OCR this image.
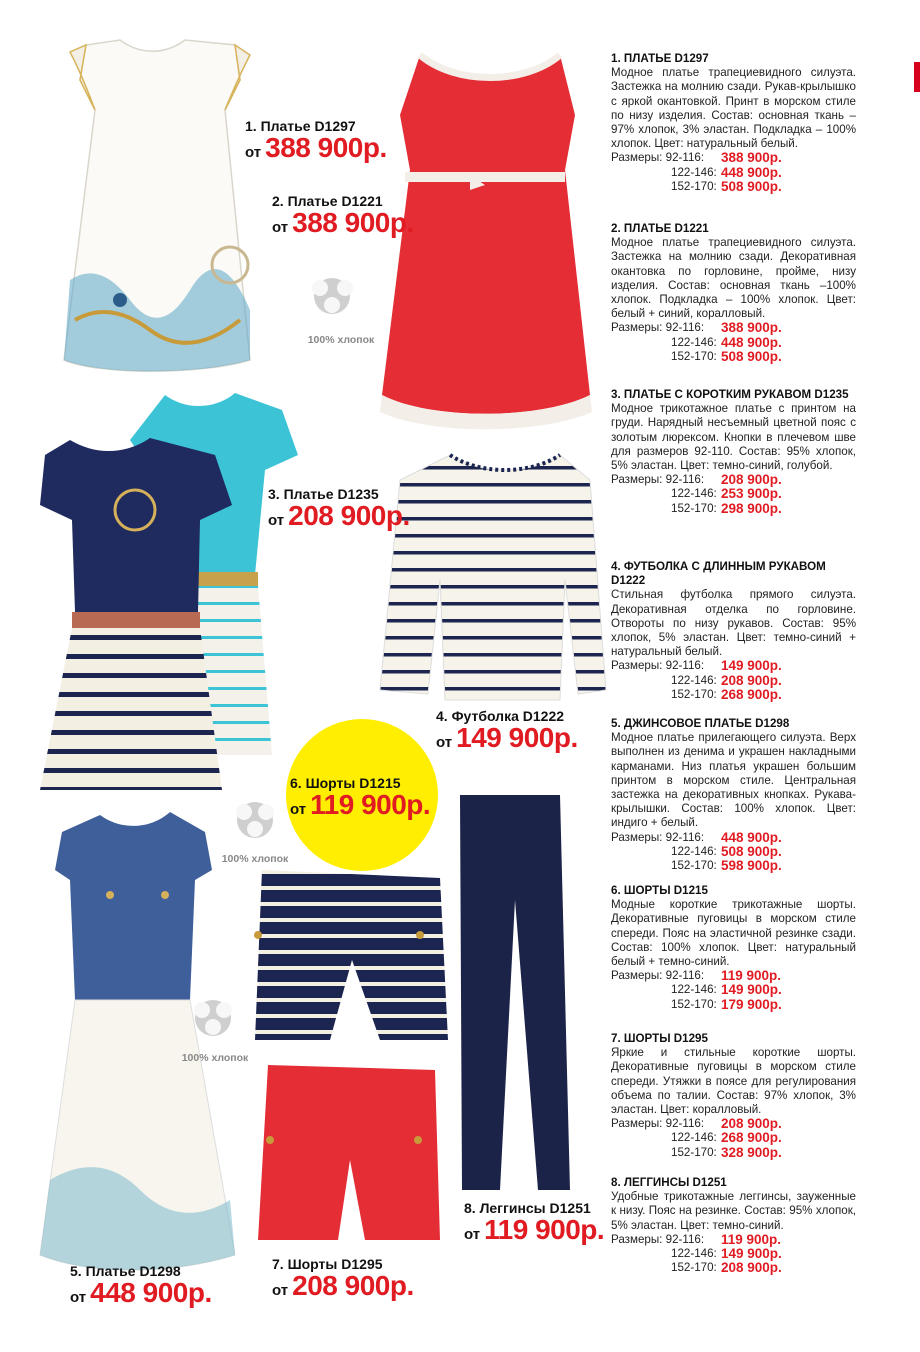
1. Платье D1297
от 388 900р.
2. Платье D1221
от 388 900р.
100% хлопок
3. Платье D1235
от 208 900р.
4. Футболка D1222
от 149 900р.
6. Шорты D1215
от 119 900р.
100% хлопок
100% хлопок
8. Леггинсы D1251
от 119 900р.
7. Шорты D1295
от 208 900р.
5. Платье D1298
от 448 900р.
1. ПЛАТЬЕ D1297

Модное платье трапециевидного силуэта. Застежка на молнию сзади. Рукав-крылышко с яркой окантовкой. Принт в морском стиле по низу изделия. Состав: основная ткань – 97% хлопок, 3% эластан. Подкладка – 100% хлопок. Цвет: натуральный белый.

Размеры: 92-116:	388 900р.
122-146: 448 900р.
152-170: 508 900р.
2. ПЛАТЬЕ D1221

Модное платье трапециевидного силуэта. Застежка на молнию сзади. Декоративная окантовка по горловине, пройме, низу изделия. Состав: основная ткань –100% хлопок. Подкладка – 100% хлопок. Цвет: белый + синий, коралловый.

Размеры: 92-116:	388 900р.
122-146: 448 900р.
152-170: 508 900р.
3. ПЛАТЬЕ С КОРОТКИМ РУКАВОМ D1235

Модное трикотажное платье с принтом на груди. Нарядный несъемный цветной пояс с золотым люрексом. Кнопки в плечевом шве для размеров 92-110. Состав: 95% хлопок, 5% эластан. Цвет: темно-синий, голубой.

Размеры: 92-116:	208 900р.
122-146: 253 900р.
152-170: 298 900р.
4. ФУТБОЛКА С ДЛИННЫМ РУКАВОМ D1222

Стильная футболка прямого силуэта. Декоративная отделка по горловине. Отвороты по низу рукавов. Состав: 95% хлопок, 5% эластан. Цвет: темно-синий + натуральный белый.

Размеры: 92-116:	149 900р.
122-146: 208 900р.
152-170: 268 900р.
5. ДЖИНСОВОЕ ПЛАТЬЕ D1298

Модное платье прилегающего силуэта. Верх выполнен из денима и украшен накладными карманами. Низ платья украшен большим принтом в морском стиле. Центральная застежка на декоративных кнопках. Рукава-крылышки. Состав: 100% хлопок. Цвет: индиго + белый.

Размеры: 92-116:	448 900р.
122-146: 508 900р.
152-170: 598 900р.
6. ШОРТЫ D1215

Модные короткие трикотажные шорты. Декоративные пуговицы в морском стиле спереди. Пояс на эластичной резинке сзади. Состав: 100% хлопок. Цвет: натуральный белый + темно-синий.

Размеры: 92-116:	119 900р.
122-146: 149 900р.
152-170: 179 900р.
7. ШОРТЫ D1295

Яркие и стильные короткие шорты. Декоративные пуговицы в морском стиле спереди. Утяжки в поясе для регулирования объема по талии. Состав: 97% хлопок, 3% эластан. Цвет: коралловый.

Размеры: 92-116:	208 900р.
122-146: 268 900р.
152-170: 328 900р.
8. ЛЕГГИНСЫ D1251

Удобные трикотажные леггинсы, зауженные к низу. Пояс на резинке. Состав: 95% хлопок, 5% эластан. Цвет: темно-синий.

Размеры: 92-116:	119 900р.
122-146: 149 900р.
152-170: 208 900р.
